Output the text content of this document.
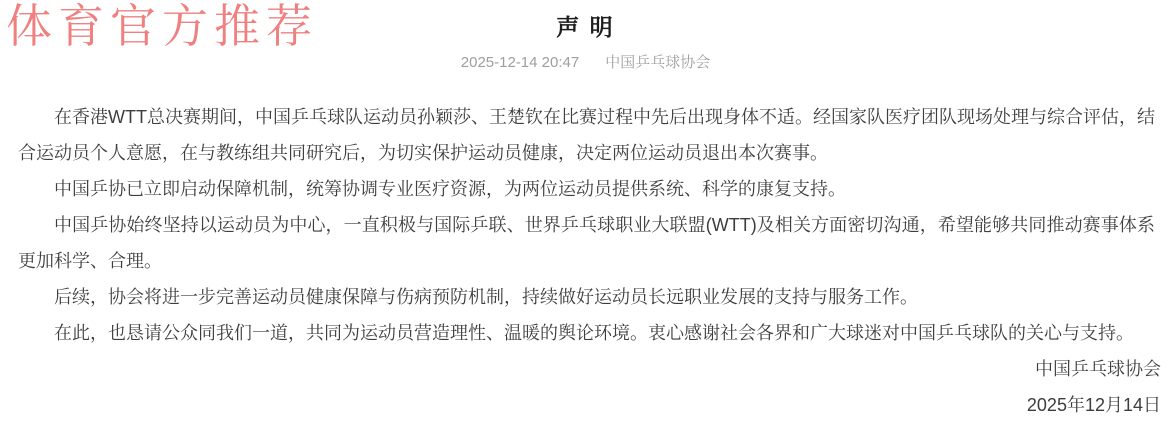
体育官方推荐	声 明
2025-12-14 20:47 中国乒乓球协会

在香港WTT总决赛期间，中国乒乓球队运动员孙颖莎、王楚钦在比赛过程中先后出现身体不适。经国家队医疗团队现场处理与综合评估，结合运动员个人意愿，在与教练组共同研究后，为切实保护运动员健康，决定两位运动员退出本次赛事。

中国乒协已立即启动保障机制，统筹协调专业医疗资源，为两位运动员提供系统、科学的康复支持。

中国乒协始终坚持以运动员为中心，一直积极与国际乒联、世界乒乓球职业大联盟(WTT)及相关方面密切沟通，希望能够共同推动赛事体系更加科学、合理。

后续，协会将进一步完善运动员健康保障与伤病预防机制，持续做好运动员长远职业发展的支持与服务工作。

在此，也恳请公众同我们一道，共同为运动员营造理性、温暖的舆论环境。衷心感谢社会各界和广大球迷对中国乒乓球队的关心与支持。

中国乒乓球协会
2025年12月14日
